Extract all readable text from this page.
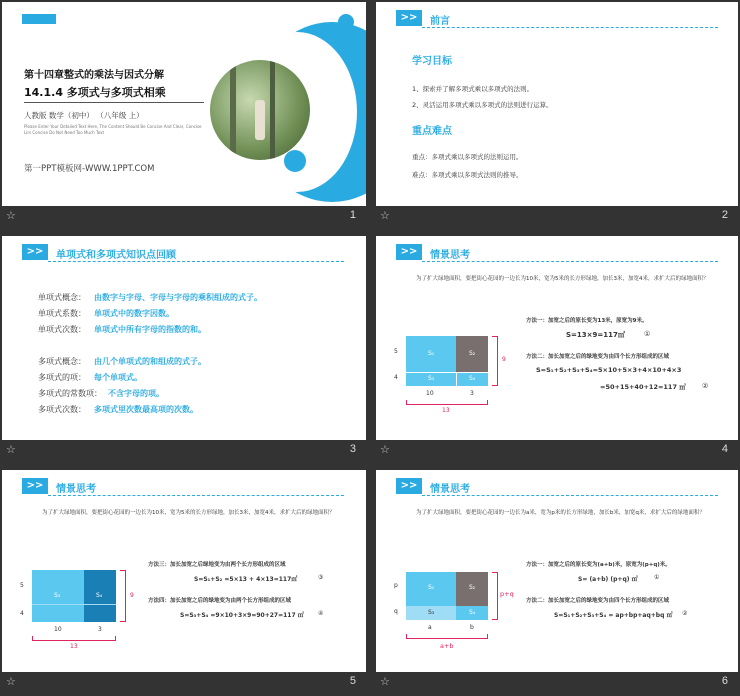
第十四章整式的乘法与因式分解
14.1.4 多项式与多项式相乘
人教版 数学（初中） （八年级 上）
Please Enter Your Detailed Text Here, The Content Should Be Concise And Clear, Concise Lirs Concise Do Not Need Too Much Text
第一PPT模板网-WWW.1PPT.COM
☆	1
>>	前言
学习目标
1、探索并了解多项式乘以多项式的法则。
2、灵活运用多项式乘以多项式的法则进行运算。
重点难点
重点：多项式乘以多项式的法则运用。
难点：多项式乘以多项式法则的推导。
☆	2
>>	单项式和多项式知识点回顾
单项式概念： 由数字与字母、字母与字母的乘积组成的式子。
单项式系数： 单项式中的数字因数。
单项式次数： 单项式中所有字母的指数的和。
多项式概念： 由几个单项式的和组成的式子。
多项式的项： 每个单项式。
多项式的常数项： 不含字母的项。
多项式次数： 多项式里次数最高项的次数。
☆	3
>>	情景思考
为了扩大绿地面积，要把街心花园的一边长为10米，宽为5米的长方形绿地，加长3米，加宽4米，求扩大后的绿地面积？
S₁	S₂
S₃	S₄
5
4
9
10	3
13
方法一：加宽之后的原长变为13米，原宽为9米。
S=13×9=117㎡	①
方法二：加长加宽之后的绿地变为由四个长方形组成的区域
S=S₁+S₂+S₃+S₄=5×10+5×3+4×10+4×3
=50+15+40+12=117 ㎡ ②
☆	4
>>	情景思考
为了扩大绿地面积，要把街心花园的一边长为10米，宽为5米的长方形绿地，加长3米，加宽4米，求扩大后的绿地面积？
S₃	S₄
5
4
9
10	3
13
方法三：加长加宽之后绿地变为由两个长方形组成的区域
S=S₁+S₂ =5×13 + 4×13=117㎡	③
方法四：加长加宽之后的绿地变为由两个长方形组成的区域
S=S₃+S₄ =9×10+3×9=90+27=117 ㎡ ④
☆	5
>>	情景思考
为了扩大绿地面积，要把街心花园的一边长为a米，宽为p米的长方形绿地，加长b米，加宽q米，求扩大后的绿地面积？
S₁	S₂
S₃	S₄
p
q
p+q
a	b
a+b
方法一：加宽之后的原长变为(a+b)米，原宽为(p+q)米。
S= (a+b) (p+q) ㎡	①
方法二：加长加宽之后的绿地变为由四个长方形组成的区域
S=S₁+S₂+S₃+S₄ = ap+bp+aq+bq ㎡ ②
☆	6
